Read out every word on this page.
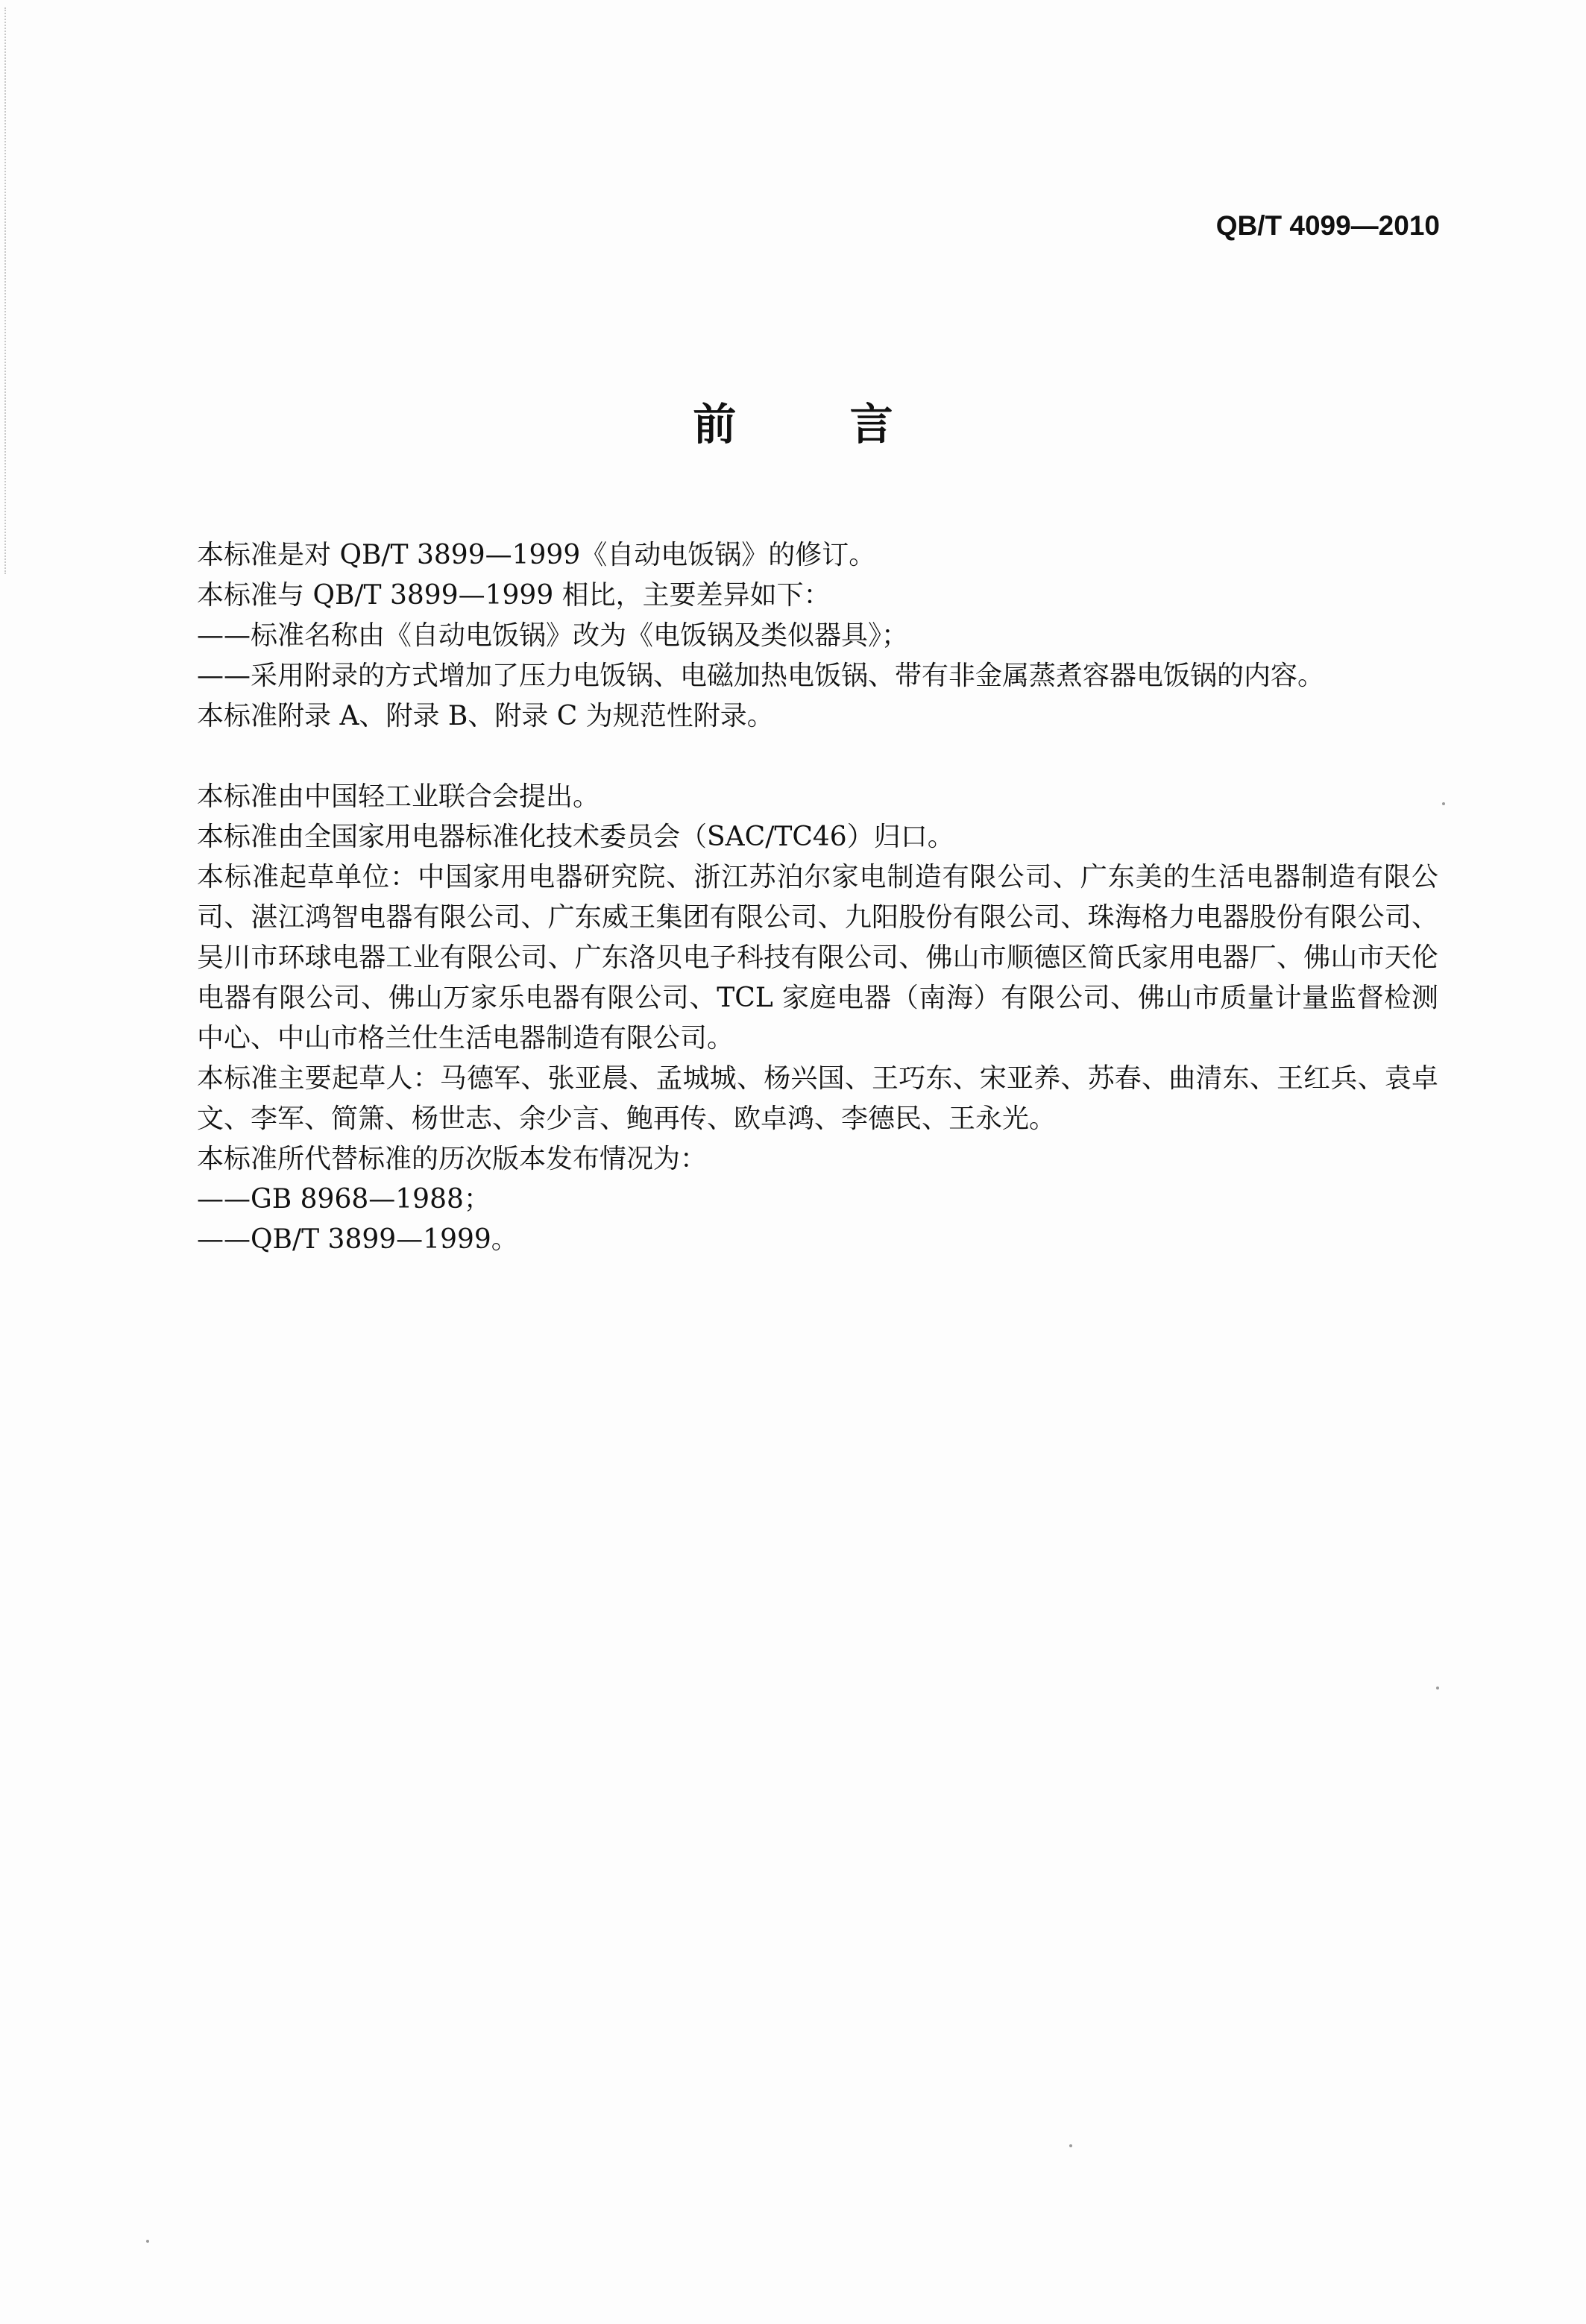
QB/T 4099—2010
前 言

本标准是对 QB/T 3899—1999《自动电饭锅》的修订。

本标准与 QB/T 3899—1999 相比，主要差异如下：

——标准名称由《自动电饭锅》改为《电饭锅及类似器具》；

——采用附录的方式增加了压力电饭锅、电磁加热电饭锅、带有非金属蒸煮容器电饭锅的内容。

本标准附录 A、附录 B、附录 C 为规范性附录。

本标准由中国轻工业联合会提出。

本标准由全国家用电器标准化技术委员会（SAC/TC46）归口。

本标准起草单位：中国家用电器研究院、浙江苏泊尔家电制造有限公司、广东美的生活电器制造有限公司、湛江鸿智电器有限公司、广东威王集团有限公司、九阳股份有限公司、珠海格力电器股份有限公司、吴川市环球电器工业有限公司、广东洛贝电子科技有限公司、佛山市顺德区简氏家用电器厂、佛山市天伦电器有限公司、佛山万家乐电器有限公司、TCL 家庭电器（南海）有限公司、佛山市质量计量监督检测中心、中山市格兰仕生活电器制造有限公司。

本标准主要起草人：马德军、张亚晨、孟城城、杨兴国、王巧东、宋亚养、苏春、曲清东、王红兵、袁卓文、李军、简箫、杨世志、余少言、鲍再传、欧卓鸿、李德民、王永光。

本标准所代替标准的历次版本发布情况为：

——GB 8968—1988；

——QB/T 3899—1999。
